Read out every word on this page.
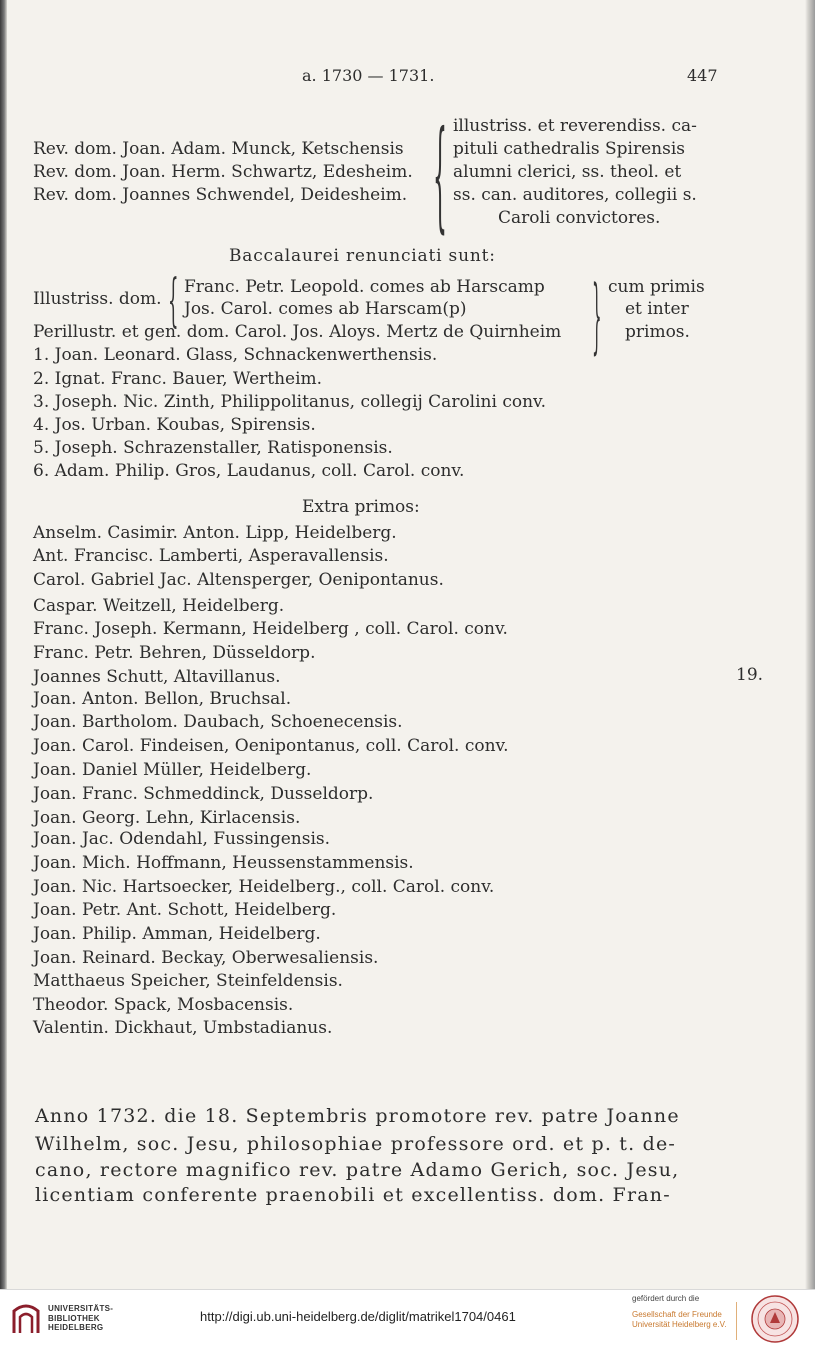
a. 1730 — 1731.	447
Rev. dom. Joan. Adam. Munck, Ketschensis
Rev. dom. Joan. Herm. Schwartz, Edesheim.
Rev. dom. Joannes Schwendel, Deidesheim. { illustriss. et reverendiss. ca-
pituli cathedralis Spirensis
alumni clerici, ss. theol. et
ss. can. auditores, collegii s.
Caroli convictores.
Baccalaurei renunciati sunt:
Illustriss. dom. { Franc. Petr. Leopold. comes ab Harscamp
Jos. Carol. comes ab Harscam(p)
Perillustr. et gen. dom. Carol. Jos. Aloys. Mertz de Quirnheim } cum primis
et inter
primos.
1. Joan. Leonard. Glass, Schnackenwerthensis.
2. Ignat. Franc. Bauer, Wertheim.
3. Joseph. Nic. Zinth, Philippolitanus, collegij Carolini conv.
4. Jos. Urban. Koubas, Spirensis.
5. Joseph. Schrazenstaller, Ratisponensis.
6. Adam. Philip. Gros, Laudanus, coll. Carol. conv.
Extra primos:
19.
Anselm. Casimir. Anton. Lipp, Heidelberg.
Ant. Francisc. Lamberti, Asperavallensis.
Carol. Gabriel Jac. Altensperger, Oenipontanus.
Caspar. Weitzell, Heidelberg.
Franc. Joseph. Kermann, Heidelberg , coll. Carol. conv.
Franc. Petr. Behren, Düsseldorp.
Joannes Schutt, Altavillanus.
Joan. Anton. Bellon, Bruchsal.
Joan. Bartholom. Daubach, Schoenecensis.
Joan. Carol. Findeisen, Oenipontanus, coll. Carol. conv.
Joan. Daniel Müller, Heidelberg.
Joan. Franc. Schmeddinck, Dusseldorp.
Joan. Georg. Lehn, Kirlacensis.
Joan. Jac. Odendahl, Fussingensis.
Joan. Mich. Hoffmann, Heussenstammensis.
Joan. Nic. Hartsoecker, Heidelberg., coll. Carol. conv.
Joan. Petr. Ant. Schott, Heidelberg.
Joan. Philip. Amman, Heidelberg.
Joan. Reinard. Beckay, Oberwesaliensis.
Matthaeus Speicher, Steinfeldensis.
Theodor. Spack, Mosbacensis.
Valentin. Dickhaut, Umbstadianus.
Anno 1732. die 18. Septembris promotore rev. patre Joanne
Wilhelm, soc. Jesu, philosophiae professore ord. et p. t. de-
cano, rectore magnifico rev. patre Adamo Gerich, soc. Jesu,
licentiam conferente praenobili et excellentiss. dom. Fran-
UNIVERSITÄTS-
BIBLIOTHEK
HEIDELBERG
http://digi.ub.uni-heidelberg.de/diglit/matrikel1704/0461
gefördert durch die
Gesellschaft der Freunde
Universität Heidelberg e.V.
